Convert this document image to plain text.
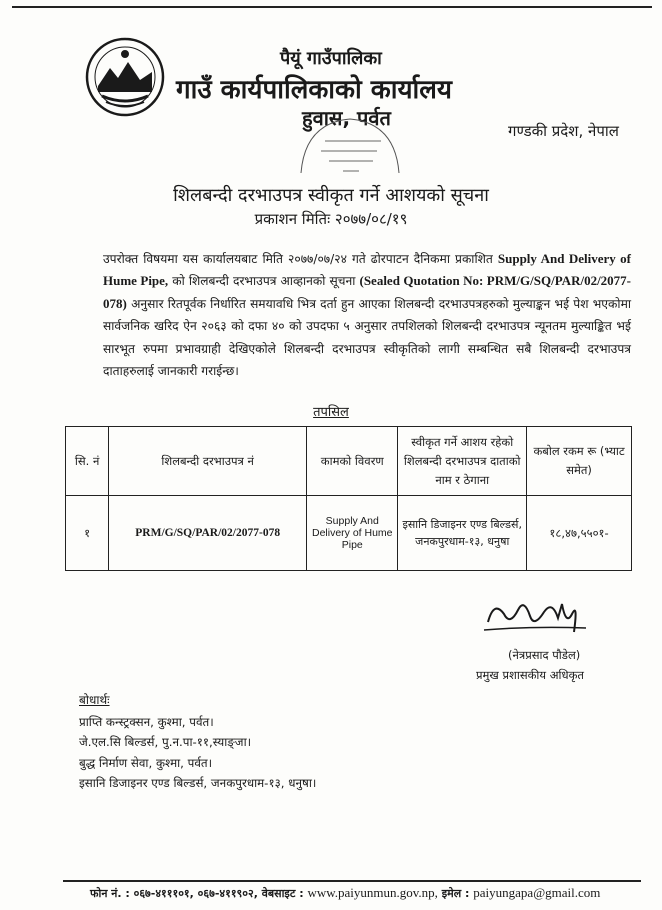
पैयूं गाउँपालिका
गाउँ कार्यपालिकाको कार्यालय
हुवास, पर्वत
गण्डकी प्रदेश, नेपाल
शिलबन्दी दरभाउपत्र स्वीकृत गर्ने आशयको सूचना
प्रकाशन मितिः २०७७/०८/१९
उपरोक्त विषयमा यस कार्यालयबाट मिति २०७७/०७/२४ गते ढोरपाटन दैनिकमा प्रकाशित Supply And Delivery of Hume Pipe, को शिलबन्दी दरभाउपत्र आव्हानको सूचना (Sealed Quotation No: PRM/G/SQ/PAR/02/2077-078) अनुसार रितपूर्वक निर्धारित समयावधि भित्र दर्ता हुन आएका शिलबन्दी दरभाउपत्रहरुको मुल्याङ्कन भई पेश भएकोमा सार्वजनिक खरिद ऐन २०६३ को दफा ४० को उपदफा ५ अनुसार तपशिलको शिलबन्दी दरभाउपत्र न्यूनतम मुल्याङ्कित भई सारभूत रुपमा प्रभावग्राही देखिएकोले शिलबन्दी दरभाउपत्र स्वीकृतिको लागी सम्बन्धित सबै शिलबन्दी दरभाउपत्र दाताहरुलाई जानकारी गराईन्छ।
तपसिल
सि. नं	शिलबन्दी दरभाउपत्र नं	कामको विवरण	स्वीकृत गर्ने आशय रहेको शिलबन्दी दरभाउपत्र दाताको नाम र ठेगाना	कबोल रकम रू (भ्याट समेत)
१	PRM/G/SQ/PAR/02/2077-078	Supply And Delivery of Hume Pipe	इसानि डिजाइनर एण्ड बिल्डर्स, जनकपुरधाम-१३, धनुषा	१८,४७,५५०१-
(नेत्रप्रसाद पौडेल)
प्रमुख प्रशासकीय अधिकृत
बोधार्थः
प्राप्ति कन्स्ट्रक्सन, कुश्मा, पर्वत।
जे.एल.सि बिल्डर्स, पु.न.पा-११,स्याङ्जा।
बुद्ध निर्माण सेवा, कुश्मा, पर्वत।
इसानि डिजाइनर एण्ड बिल्डर्स, जनकपुरधाम-१३, धनुषा।
फोन नं. : ०६७-४१११०१, ०६७-४११९०२, वेबसाइट : www.paiyunmun.gov.np, इमेल : paiyungapa@gmail.com
